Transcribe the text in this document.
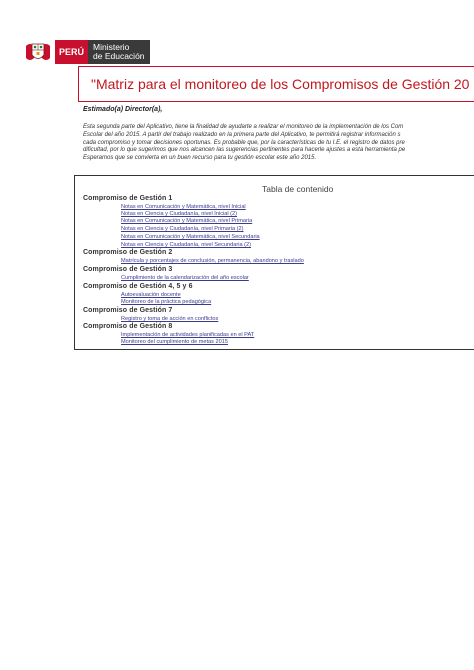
PERÚ	Ministerio
de Educación
"Matriz para el monitoreo de los Compromisos de Gestión 20
Estimado(a) Director(a),
Esta segunda parte del Aplicativo, tiene la finalidad de ayudarte a realizar el monitoreo de la implementación de los Com
Escolar del año 2015. A partir del trabajo realizado en la primera parte del Aplicativo, te permitirá registrar información s
cada compromiso y tomar decisiones oportunas. Es probable que, por la características de tu I.E. el registro de datos pre
dificultad, por lo que sugerimos que nos alcancen las sugerencias pertinentes para hacerle ajustes a esta herramienta pe
Esperamos que se convierta en un buen recurso para tu gestión escolar este año 2015.
Tabla de contenido
Compromiso de Gestión 1
Notas en Comunicación y Matemática, nivel Inicial
Notas en Ciencia y Ciudadanía, nivel Inicial (2)
Notas en Comunicación y Matemática, nivel Primaria
Notas en Ciencia y Ciudadanía, nivel Primaria (2)
Notas en Comunicación y Matemática, nivel Secundaria
Notas en Ciencia y Ciudadanía, nivel Secundaria (2)
Compromiso de Gestión 2
Matrícula y porcentajes de conclusión, permanencia, abandono y traslado
Compromiso de Gestión 3
Cumplimiento de la calendarización del año escolar
Compromiso de Gestión 4, 5 y 6
Autoevaluación docente
Monitoreo de la práctica pedagógica
Compromiso de Gestión 7
Registro y toma de acción en conflictos
Compromiso de Gestión 8
Implementación de actividades planificadas en el PAT
Monitoreo del cumplimiento de metas 2015
